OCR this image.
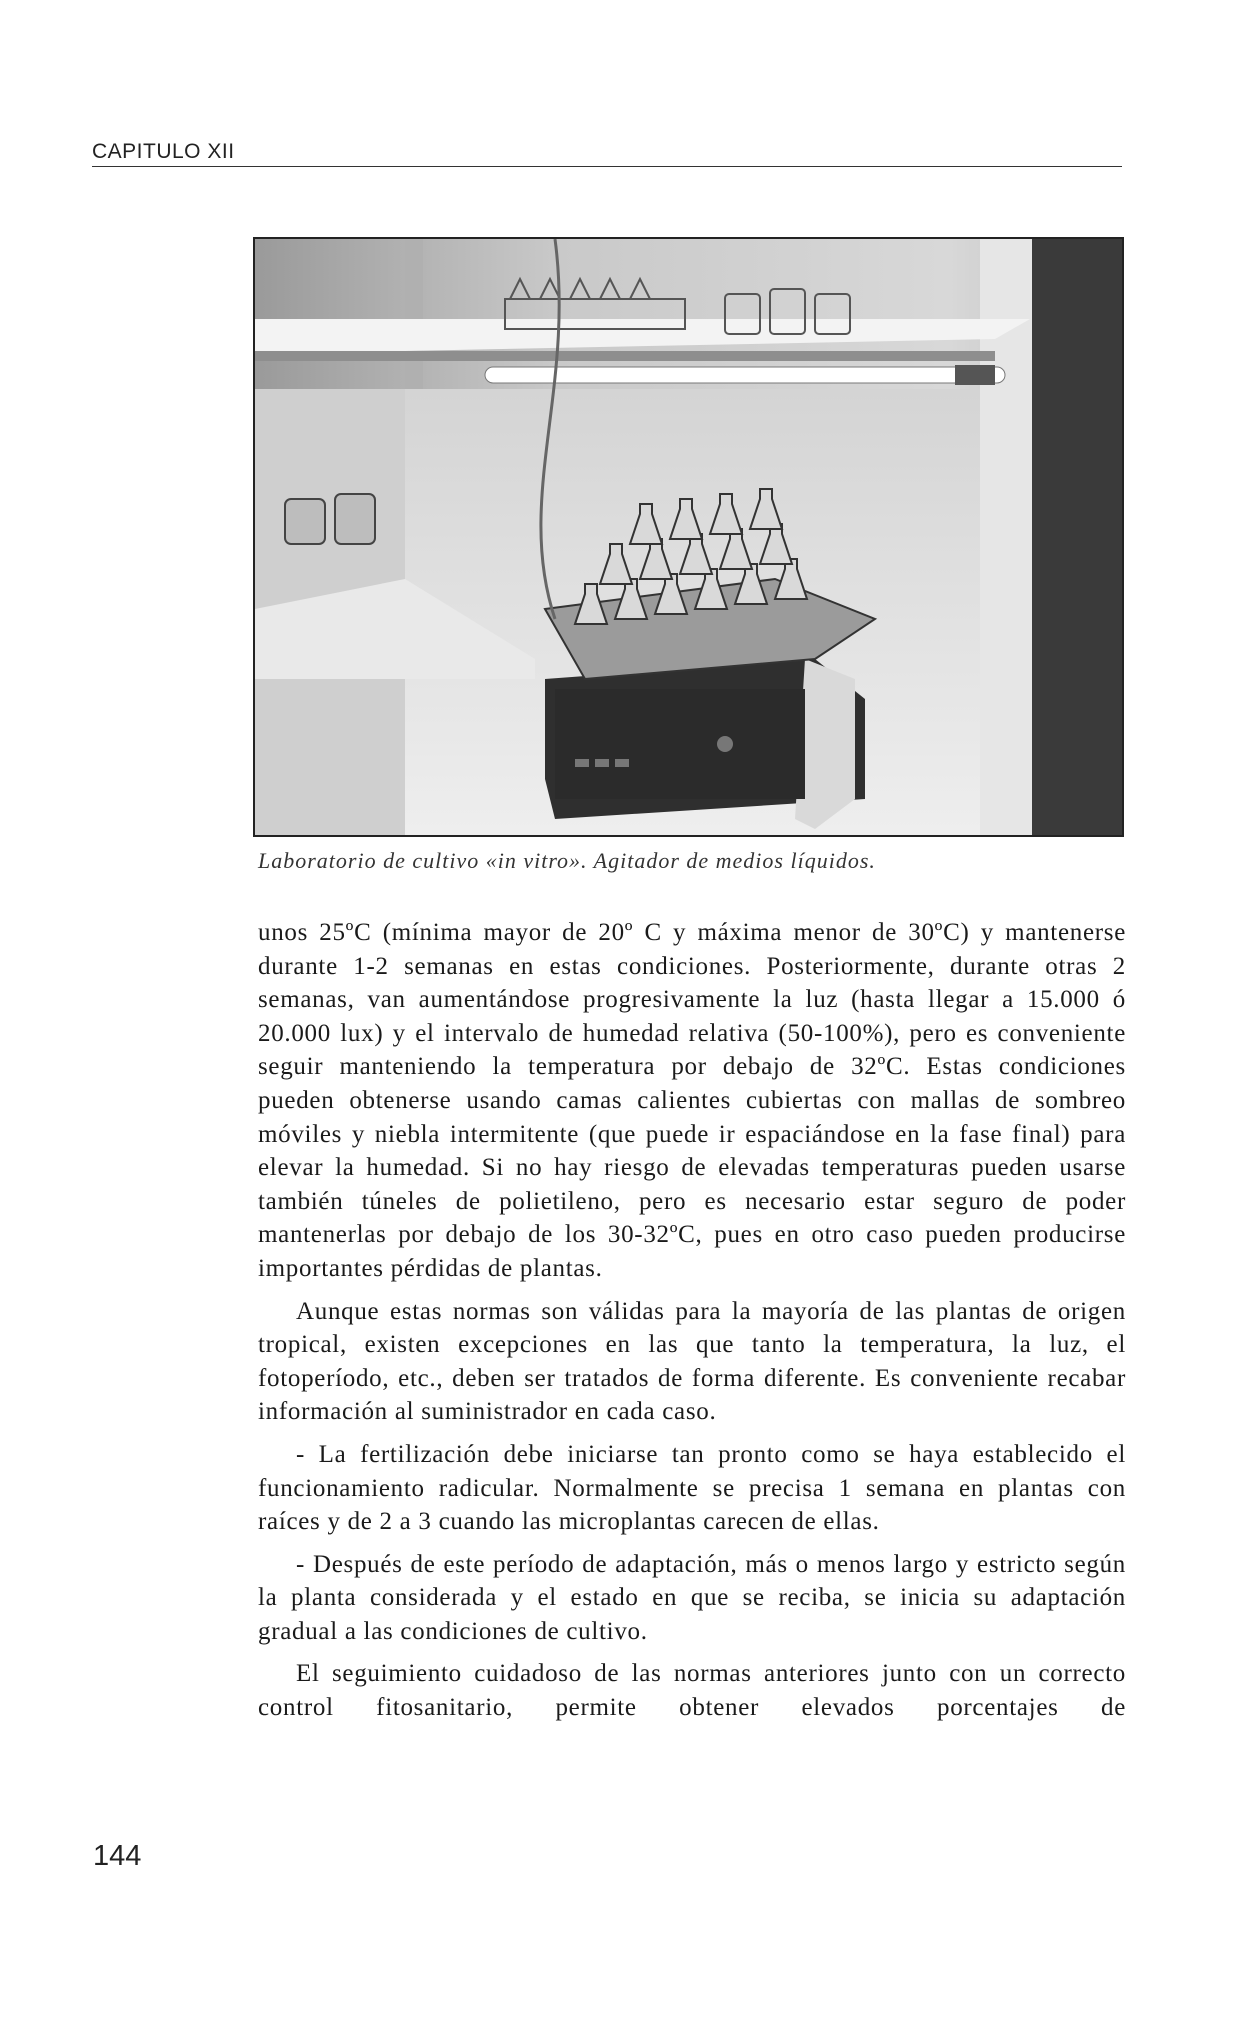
CAPITULO XII
Laboratorio de cultivo «in vitro». Agitador de medios líquidos.

unos 25ºC (mínima mayor de 20º C y máxima menor de 30ºC) y mantenerse durante 1-2 semanas en estas condiciones. Posteriormente, durante otras 2 semanas, van aumentándose progresivamente la luz (hasta llegar a 15.000 ó 20.000 lux) y el intervalo de humedad relativa (50-100%), pero es conveniente seguir manteniendo la temperatura por debajo de 32ºC. Estas condiciones pueden obtenerse usando camas calientes cubiertas con mallas de sombreo móviles y niebla intermitente (que puede ir espaciándose en la fase final) para elevar la humedad. Si no hay riesgo de elevadas temperaturas pueden usarse también túneles de polietileno, pero es necesario estar seguro de poder mantenerlas por debajo de los 30-32ºC, pues en otro caso pueden producirse importantes pérdidas de plantas.

Aunque estas normas son válidas para la mayoría de las plantas de origen tropical, existen excepciones en las que tanto la temperatura, la luz, el fotoperíodo, etc., deben ser tratados de forma diferente. Es conveniente recabar información al suministrador en cada caso.

- La fertilización debe iniciarse tan pronto como se haya establecido el funcionamiento radicular. Normalmente se precisa 1 semana en plantas con raíces y de 2 a 3 cuando las microplantas carecen de ellas.

- Después de este período de adaptación, más o menos largo y estricto según la planta considerada y el estado en que se reciba, se inicia su adaptación gradual a las condiciones de cultivo.

El seguimiento cuidadoso de las normas anteriores junto con un correcto control fitosanitario, permite obtener elevados porcentajes de

144
